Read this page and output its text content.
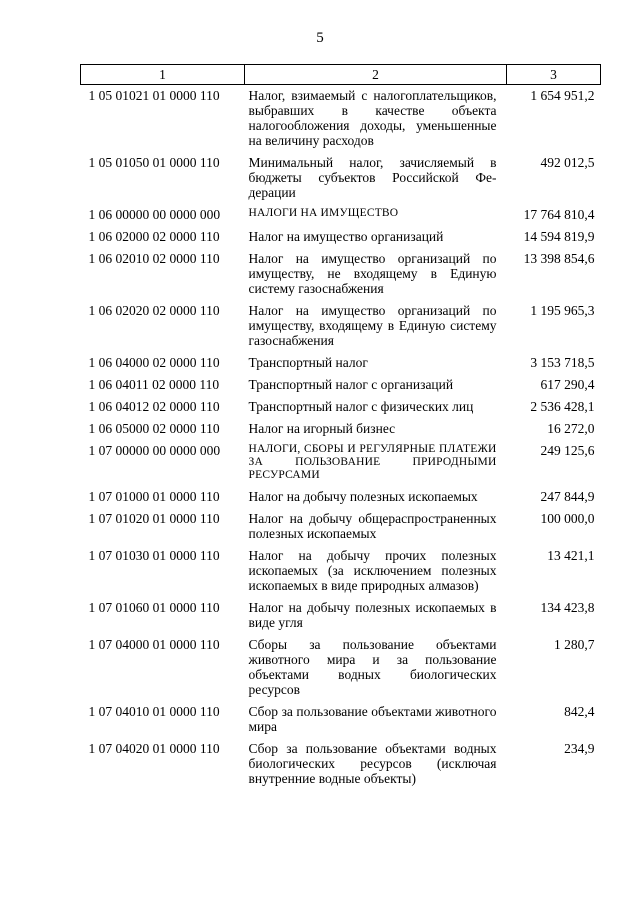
5
1	2	3
1 05 01021 01 0000 110	Налог, взимаемый с налогоплательщиков, выбравших в качестве объекта налогообложения доходы, уменьшенные на величину расходов	1 654 951,2
1 05 01050 01 0000 110	Минимальный налог, зачисляемый в бюджеты субъектов Российской Федерации	492 012,5
1 06 00000 00 0000 000	НАЛОГИ НА ИМУЩЕСТВО	17 764 810,4
1 06 02000 02 0000 110	Налог на имущество организаций	14 594 819,9
1 06 02010 02 0000 110	Налог на имущество организаций по имуществу, не входящему в Единую систему газоснабжения	13 398 854,6
1 06 02020 02 0000 110	Налог на имущество организаций по имуществу, входящему в Единую систему газоснабжения	1 195 965,3
1 06 04000 02 0000 110	Транспортный налог	3 153 718,5
1 06 04011 02 0000 110	Транспортный налог с организаций	617 290,4
1 06 04012 02 0000 110	Транспортный налог с физических лиц	2 536 428,1
1 06 05000 02 0000 110	Налог на игорный бизнес	16 272,0
1 07 00000 00 0000 000	НАЛОГИ, СБОРЫ И РЕГУЛЯРНЫЕ ПЛАТЕЖИ ЗА ПОЛЬЗОВАНИЕ ПРИРОДНЫМИ РЕСУРСАМИ	249 125,6
1 07 01000 01 0000 110	Налог на добычу полезных ископаемых	247 844,9
1 07 01020 01 0000 110	Налог на добычу общераспространенных полезных ископаемых	100 000,0
1 07 01030 01 0000 110	Налог на добычу прочих полезных ископаемых (за исключением полезных ископаемых в виде природных алмазов)	13 421,1
1 07 01060 01 0000 110	Налог на добычу полезных ископаемых в виде угля	134 423,8
1 07 04000 01 0000 110	Сборы за пользование объектами животного мира и за пользование объектами водных биологических ресурсов	1 280,7
1 07 04010 01 0000 110	Сбор за пользование объектами животного мира	842,4
1 07 04020 01 0000 110	Сбор за пользование объектами водных биологических ресурсов (исключая внутренние водные объекты)	234,9
